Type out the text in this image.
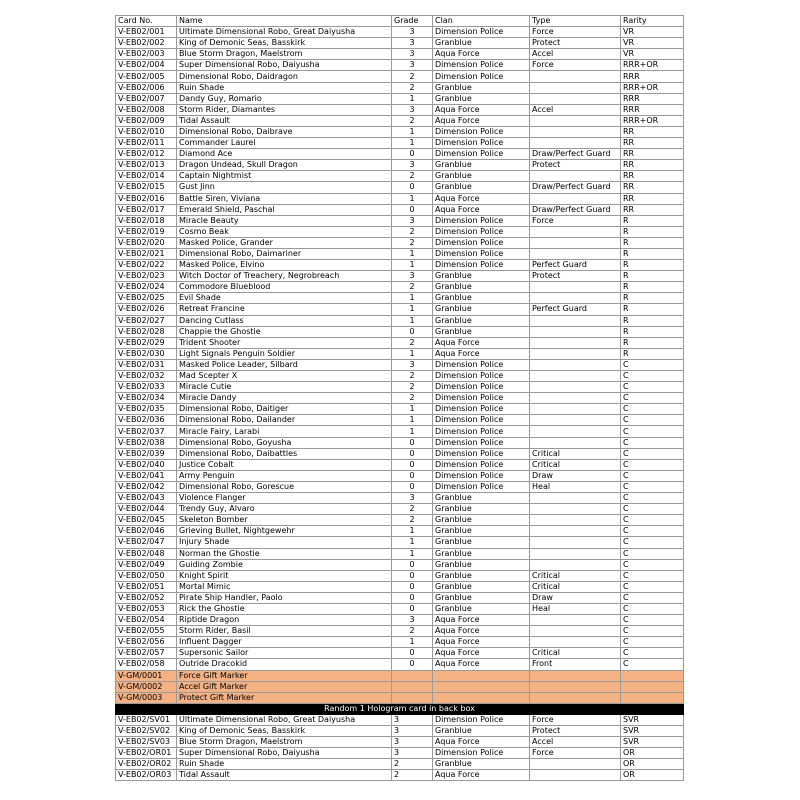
Card No.	Name	Grade	Clan	Type	Rarity
V-EB02/001	Ultimate Dimensional Robo, Great Daiyusha	3	Dimension Police	Force	VR
V-EB02/002	King of Demonic Seas, Basskirk	3	Granblue	Protect	VR
V-EB02/003	Blue Storm Dragon, Maelstrom	3	Aqua Force	Accel	VR
V-EB02/004	Super Dimensional Robo, Daiyusha	3	Dimension Police	Force	RRR+OR
V-EB02/005	Dimensional Robo, Daidragon	2	Dimension Police		RRR
V-EB02/006	Ruin Shade	2	Granblue		RRR+OR
V-EB02/007	Dandy Guy, Romario	1	Granblue		RRR
V-EB02/008	Storm Rider, Diamantes	3	Aqua Force	Accel	RRR
V-EB02/009	Tidal Assault	2	Aqua Force		RRR+OR
V-EB02/010	Dimensional Robo, Daibrave	1	Dimension Police		RR
V-EB02/011	Commander Laurel	1	Dimension Police		RR
V-EB02/012	Diamond Ace	0	Dimension Police	Draw/Perfect Guard	RR
V-EB02/013	Dragon Undead, Skull Dragon	3	Granblue	Protect	RR
V-EB02/014	Captain Nightmist	2	Granblue		RR
V-EB02/015	Gust Jinn	0	Granblue	Draw/Perfect Guard	RR
V-EB02/016	Battle Siren, Viviana	1	Aqua Force		RR
V-EB02/017	Emerald Shield, Paschal	0	Aqua Force	Draw/Perfect Guard	RR
V-EB02/018	Miracle Beauty	3	Dimension Police	Force	R
V-EB02/019	Cosmo Beak	2	Dimension Police		R
V-EB02/020	Masked Police, Grander	2	Dimension Police		R
V-EB02/021	Dimensional Robo, Daimariner	1	Dimension Police		R
V-EB02/022	Masked Police, Elvino	1	Dimension Police	Perfect Guard	R
V-EB02/023	Witch Doctor of Treachery, Negrobreach	3	Granblue	Protect	R
V-EB02/024	Commodore Blueblood	2	Granblue		R
V-EB02/025	Evil Shade	1	Granblue		R
V-EB02/026	Retreat Francine	1	Granblue	Perfect Guard	R
V-EB02/027	Dancing Cutlass	1	Granblue		R
V-EB02/028	Chappie the Ghostie	0	Granblue		R
V-EB02/029	Trident Shooter	2	Aqua Force		R
V-EB02/030	Light Signals Penguin Soldier	1	Aqua Force		R
V-EB02/031	Masked Police Leader, Silbard	3	Dimension Police		C
V-EB02/032	Mad Scepter X	2	Dimension Police		C
V-EB02/033	Miracle Cutie	2	Dimension Police		C
V-EB02/034	Miracle Dandy	2	Dimension Police		C
V-EB02/035	Dimensional Robo, Daitiger	1	Dimension Police		C
V-EB02/036	Dimensional Robo, Dailander	1	Dimension Police		C
V-EB02/037	Miracle Fairy, Larabi	1	Dimension Police		C
V-EB02/038	Dimensional Robo, Goyusha	0	Dimension Police		C
V-EB02/039	Dimensional Robo, Daibattles	0	Dimension Police	Critical	C
V-EB02/040	Justice Cobalt	0	Dimension Police	Critical	C
V-EB02/041	Army Penguin	0	Dimension Police	Draw	C
V-EB02/042	Dimensional Robo, Gorescue	0	Dimension Police	Heal	C
V-EB02/043	Violence Flanger	3	Granblue		C
V-EB02/044	Trendy Guy, Alvaro	2	Granblue		C
V-EB02/045	Skeleton Bomber	2	Granblue		C
V-EB02/046	Grieving Bullet, Nightgewehr	1	Granblue		C
V-EB02/047	Injury Shade	1	Granblue		C
V-EB02/048	Norman the Ghostie	1	Granblue		C
V-EB02/049	Guiding Zombie	0	Granblue		C
V-EB02/050	Knight Spirit	0	Granblue	Critical	C
V-EB02/051	Mortal Mimic	0	Granblue	Critical	C
V-EB02/052	Pirate Ship Handler, Paolo	0	Granblue	Draw	C
V-EB02/053	Rick the Ghostie	0	Granblue	Heal	C
V-EB02/054	Riptide Dragon	3	Aqua Force		C
V-EB02/055	Storm Rider, Basil	2	Aqua Force		C
V-EB02/056	Influent Dagger	1	Aqua Force		C
V-EB02/057	Supersonic Sailor	0	Aqua Force	Critical	C
V-EB02/058	Outride Dracokid	0	Aqua Force	Front	C
V-GM/0001	Force Gift Marker				
V-GM/0002	Accel Gift Marker				
V-GM/0003	Protect Gift Marker				
Random 1 Hologram card in back box					
V-EB02/SV01	Ultimate Dimensional Robo, Great Daiyusha	3	Dimension Police	Force	SVR
V-EB02/SV02	King of Demonic Seas, Basskirk	3	Granblue	Protect	SVR
V-EB02/SV03	Blue Storm Dragon, Maelstrom	3	Aqua Force	Accel	SVR
V-EB02/OR01	Super Dimensional Robo, Daiyusha	3	Dimension Police	Force	OR
V-EB02/OR02	Ruin Shade	2	Granblue		OR
V-EB02/OR03	Tidal Assault	2	Aqua Force		OR
